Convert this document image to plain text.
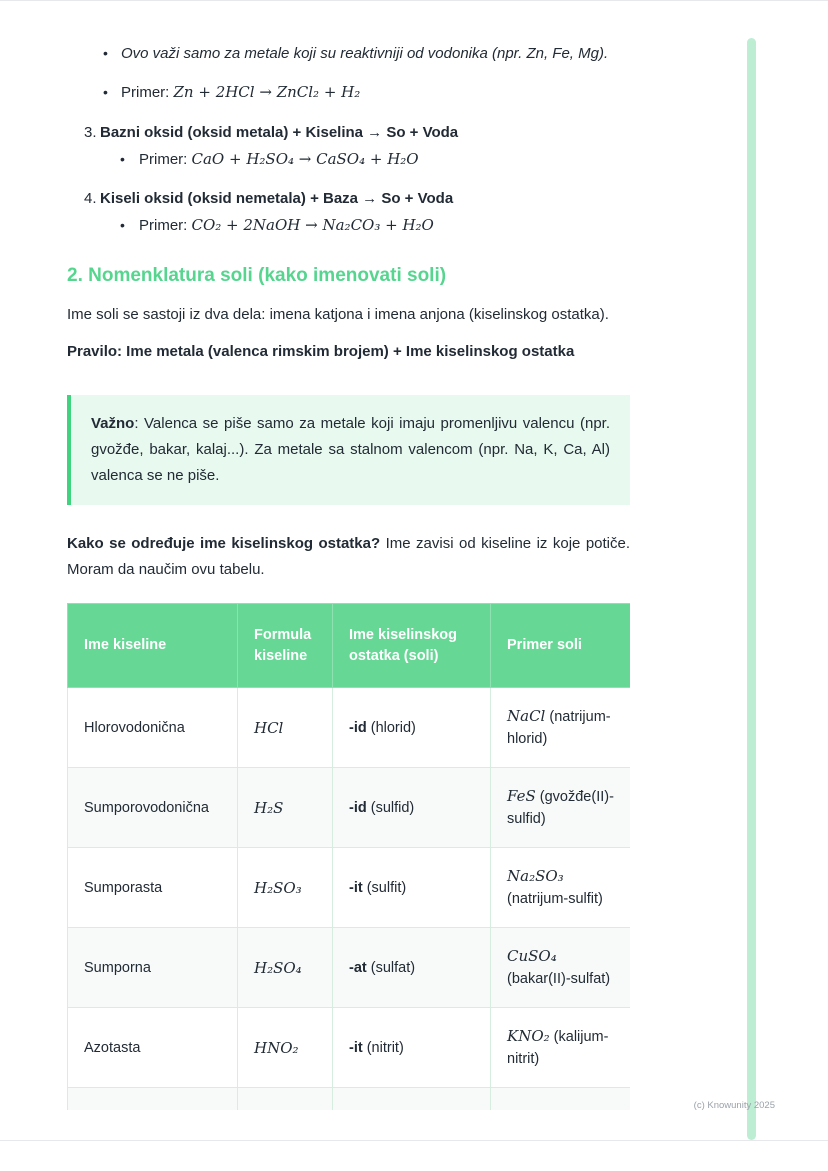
• Ovo važi samo za metale koji su reaktivniji od vodonika (npr. Zn, Fe, Mg).
• Primer: Zn + 2HCl → ZnCl₂ + H₂
3. Bazni oksid (oksid metala) + Kiselina → So + Voda
• Primer: CaO + H₂SO₄ → CaSO₄ + H₂O
4. Kiseli oksid (oksid nemetala) + Baza → So + Voda
• Primer: CO₂ + 2NaOH → Na₂CO₃ + H₂O
2. Nomenklatura soli (kako imenovati soli)

Ime soli se sastoji iz dva dela: imena katjona i imena anjona (kiselinskog ostatka).

Pravilo: Ime metala (valenca rimskim brojem) + Ime kiselinskog ostatka

Važno: Valenca se piše samo za metale koji imaju promenljivu valencu (npr. gvožđe, bakar, kalaj...). Za metale sa stalnom valencom (npr. Na, K, Ca, Al) valenca se ne piše.

Kako se određuje ime kiselinskog ostatka? Ime zavisi od kiseline iz koje potiče. Moram da naučim ovu tabelu.

Ime kiseline	Formula kiseline	Ime kiselinskog ostatka (soli)	Primer soli
Hlorovodonična	HCl	-id (hlorid)	NaCl (natrijum-hlorid)
Sumporovodonična	H₂S	-id (sulfid)	FeS (gvožđe(II)-sulfid)
Sumporasta	H₂SO₃	-it (sulfit)	Na₂SO₃ (natrijum-sulfit)
Sumporna	H₂SO₄	-at (sulfat)	CuSO₄ (bakar(II)-sulfat)
Azotasta	HNO₂	-it (nitrit)	KNO₂ (kalijum-nitrit)

(c) Knowunity 2025
